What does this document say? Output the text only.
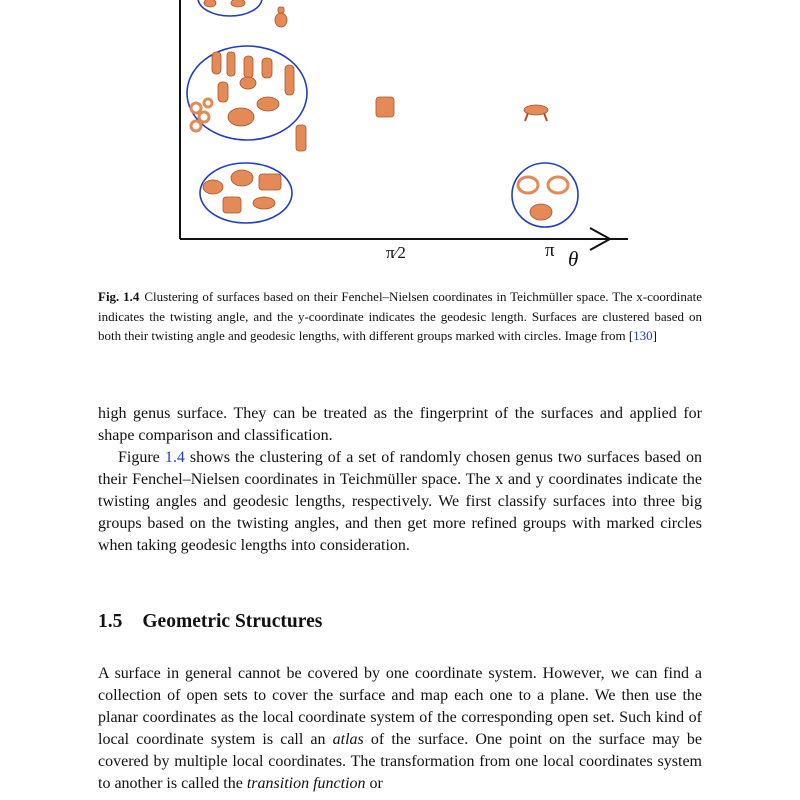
π⁄2	π θ

Fig. 1.4 Clustering of surfaces based on their Fenchel–Nielsen coordinates in Teichmüller space. The x-coordinate indicates the twisting angle, and the y-coordinate indicates the geodesic length. Surfaces are clustered based on both their twisting angle and geodesic lengths, with different groups marked with circles. Image from [130]

high genus surface. They can be treated as the fingerprint of the surfaces and applied for shape comparison and classification.

Figure 1.4 shows the clustering of a set of randomly chosen genus two surfaces based on their Fenchel–Nielsen coordinates in Teichmüller space. The x and y coordinates indicate the twisting angles and geodesic lengths, respectively. We first classify surfaces into three big groups based on the twisting angles, and then get more refined groups with marked circles when taking geodesic lengths into consideration.

1.5 Geometric Structures

A surface in general cannot be covered by one coordinate system. However, we can find a collection of open sets to cover the surface and map each one to a plane. We then use the planar coordinates as the local coordinate system of the corresponding open set. Such kind of local coordinate system is call an atlas of the surface. One point on the surface may be covered by multiple local coordinates. The transformation from one local coordinates system to another is called the transition function or
